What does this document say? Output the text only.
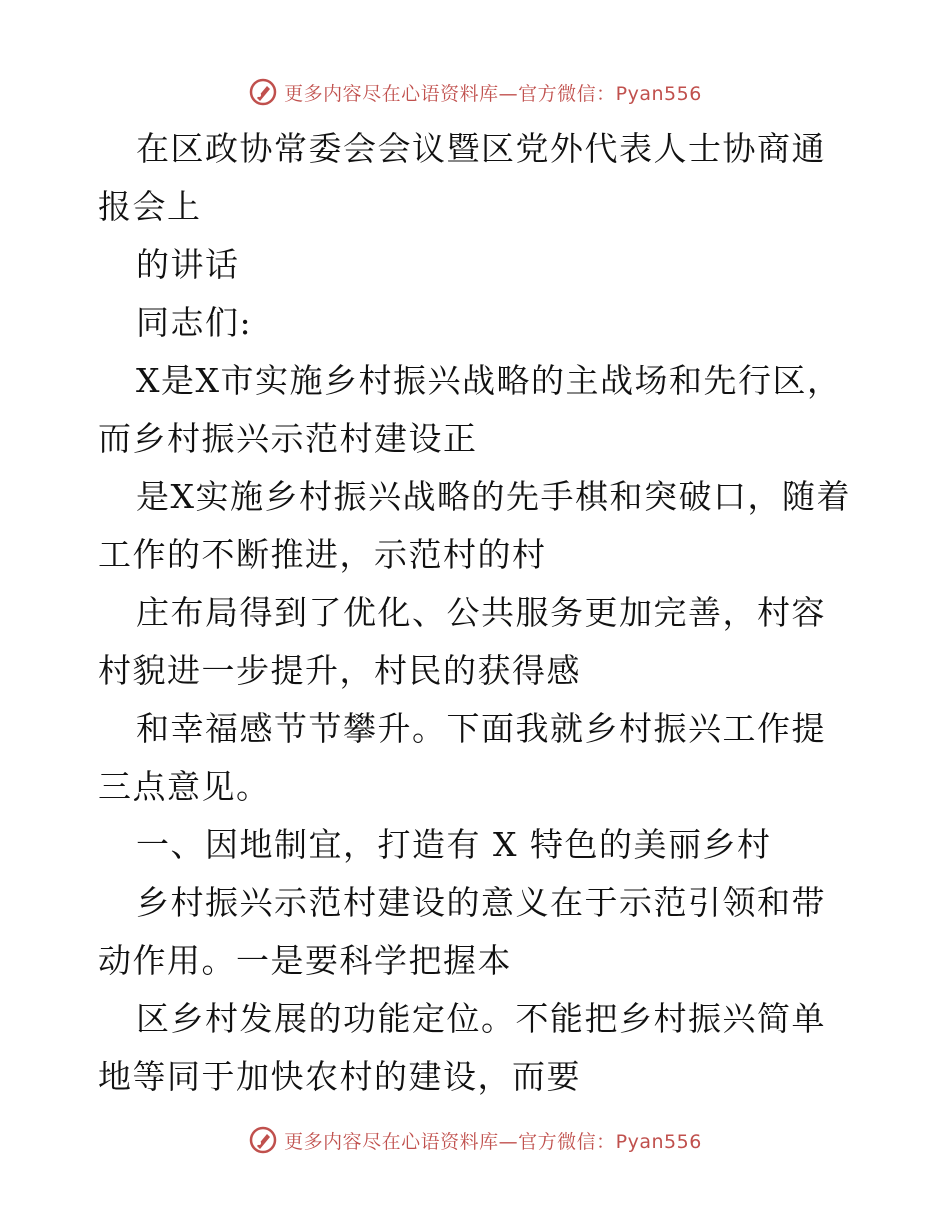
更多内容尽在心语资料库—官方微信：Pyan556

在区政协常委会会议暨区党外代表人士协商通报会上

的讲话

同志们:

X是X市实施乡村振兴战略的主战场和先行区，而乡村振兴示范村建设正

是X实施乡村振兴战略的先手棋和突破口，随着工作的不断推进，示范村的村

庄布局得到了优化、公共服务更加完善，村容村貌进一步提升，村民的获得感

和幸福感节节攀升。下面我就乡村振兴工作提三点意见。

一、因地制宜，打造有 X 特色的美丽乡村

乡村振兴示范村建设的意义在于示范引领和带动作用。一是要科学把握本

区乡村发展的功能定位。不能把乡村振兴简单地等同于加快农村的建设，而要

更多内容尽在心语资料库—官方微信：Pyan556
